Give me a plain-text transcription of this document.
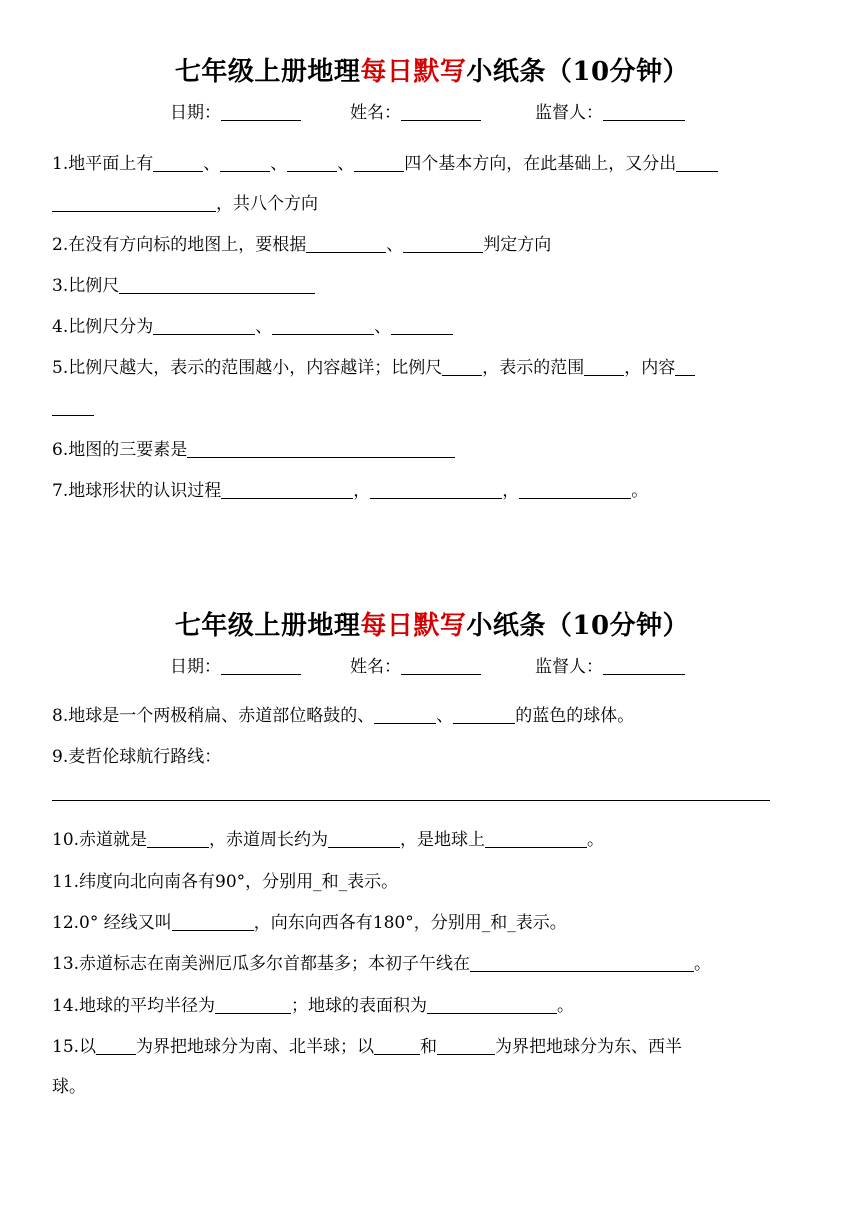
七年级上册地理每日默写小纸条（10分钟）
日期：	姓名：	监督人：
1.地平面上有	、	、	、	四个基本方向，在此基础上，又分出
，共八个方向
2.在没有方向标的地图上，要根据	、	判定方向
3.比例尺
4.比例尺分为	、	、
5.比例尺越大，表示的范围越小，内容越详；比例尺 ，表示的范围 ，内容
6.地图的三要素是
7.地球形状的认识过程	，	，	。
七年级上册地理每日默写小纸条（10分钟）
日期：	姓名：	监督人：
8.地球是一个两极稍扁、赤道部位略鼓的、	、	的蓝色的球体。
9.麦哲伦球航行路线：
10.赤道就是	，赤道周长约为	，是地球上	。
11.纬度向北向南各有90°，分别用_和_表示。
12.0° 经线又叫	，向东向西各有180°，分别用_和_表示。
13.赤道标志在南美洲厄瓜多尔首都基多；本初子午线在	。
14.地球的平均半径为	；地球的表面积为	。
15.以 为界把地球分为南、北半球；以	和	为界把地球分为东、西半
球。
